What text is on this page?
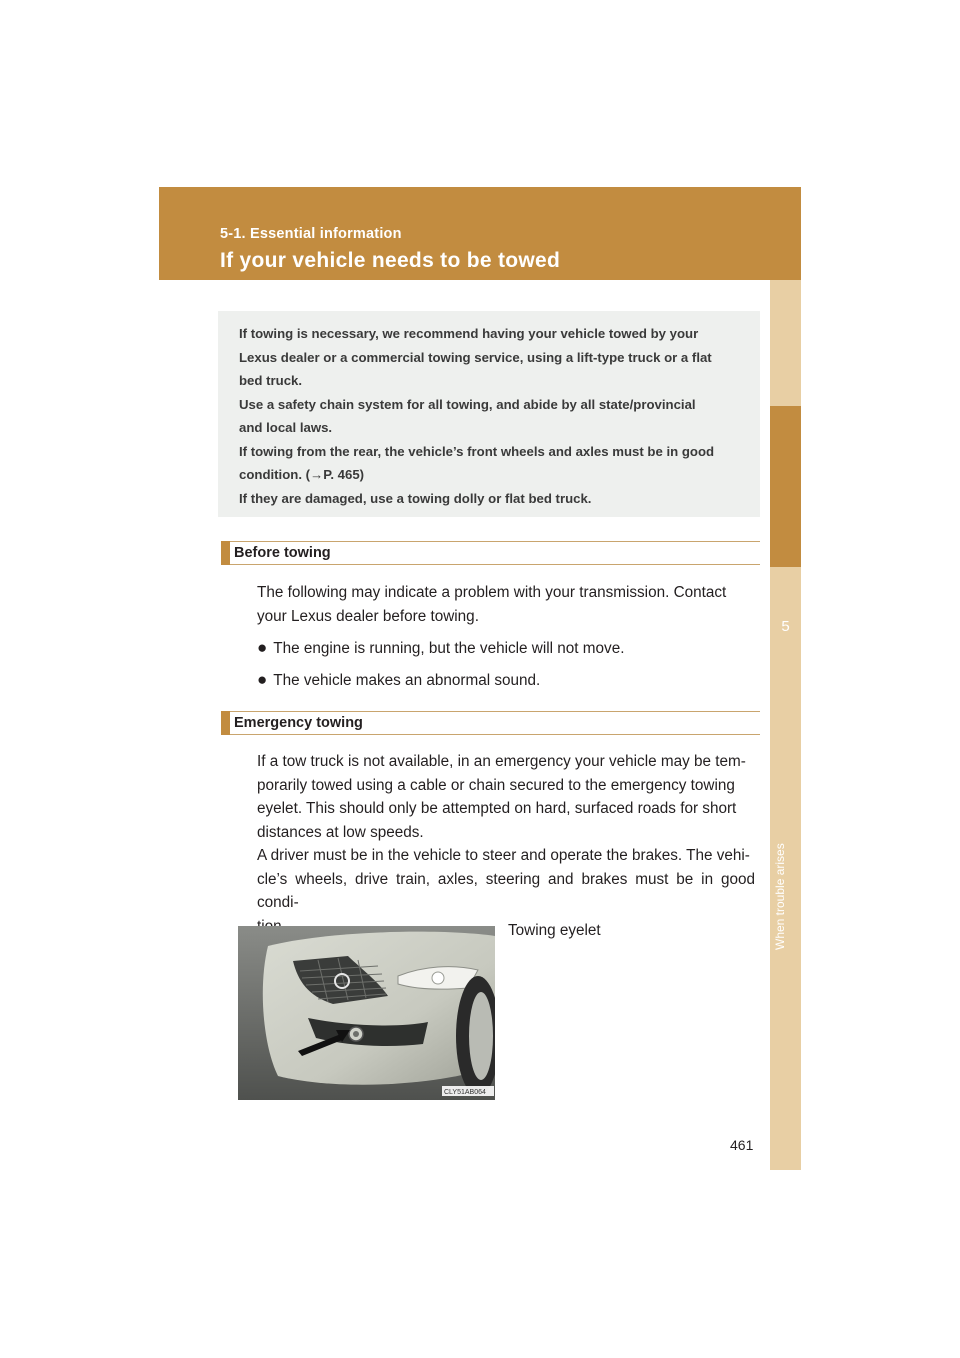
5-1. Essential information
If your vehicle needs to be towed
5
When trouble arises

If towing is necessary, we recommend having your vehicle towed by your
Lexus dealer or a commercial towing service, using a lift-type truck or a flat
bed truck.
Use a safety chain system for all towing, and abide by all state/provincial
and local laws.
If towing from the rear, the vehicle’s front wheels and axles must be in good
condition. (→P. 465)
If they are damaged, use a towing dolly or flat bed truck.

Before towing

The following may indicate a problem with your transmission. Contact
your Lexus dealer before towing.

● The engine is running, but the vehicle will not move.

● The vehicle makes an abnormal sound.

Emergency towing

If a tow truck is not available, in an emergency your vehicle may be tem-
porarily towed using a cable or chain secured to the emergency towing
eyelet. This should only be attempted on hard, surfaced roads for short
distances at low speeds.
A driver must be in the vehicle to steer and operate the brakes. The vehi-
cle’s wheels, drive train, axles, steering and brakes must be in good condi-

CLY51AB064
Towing eyelet
461
